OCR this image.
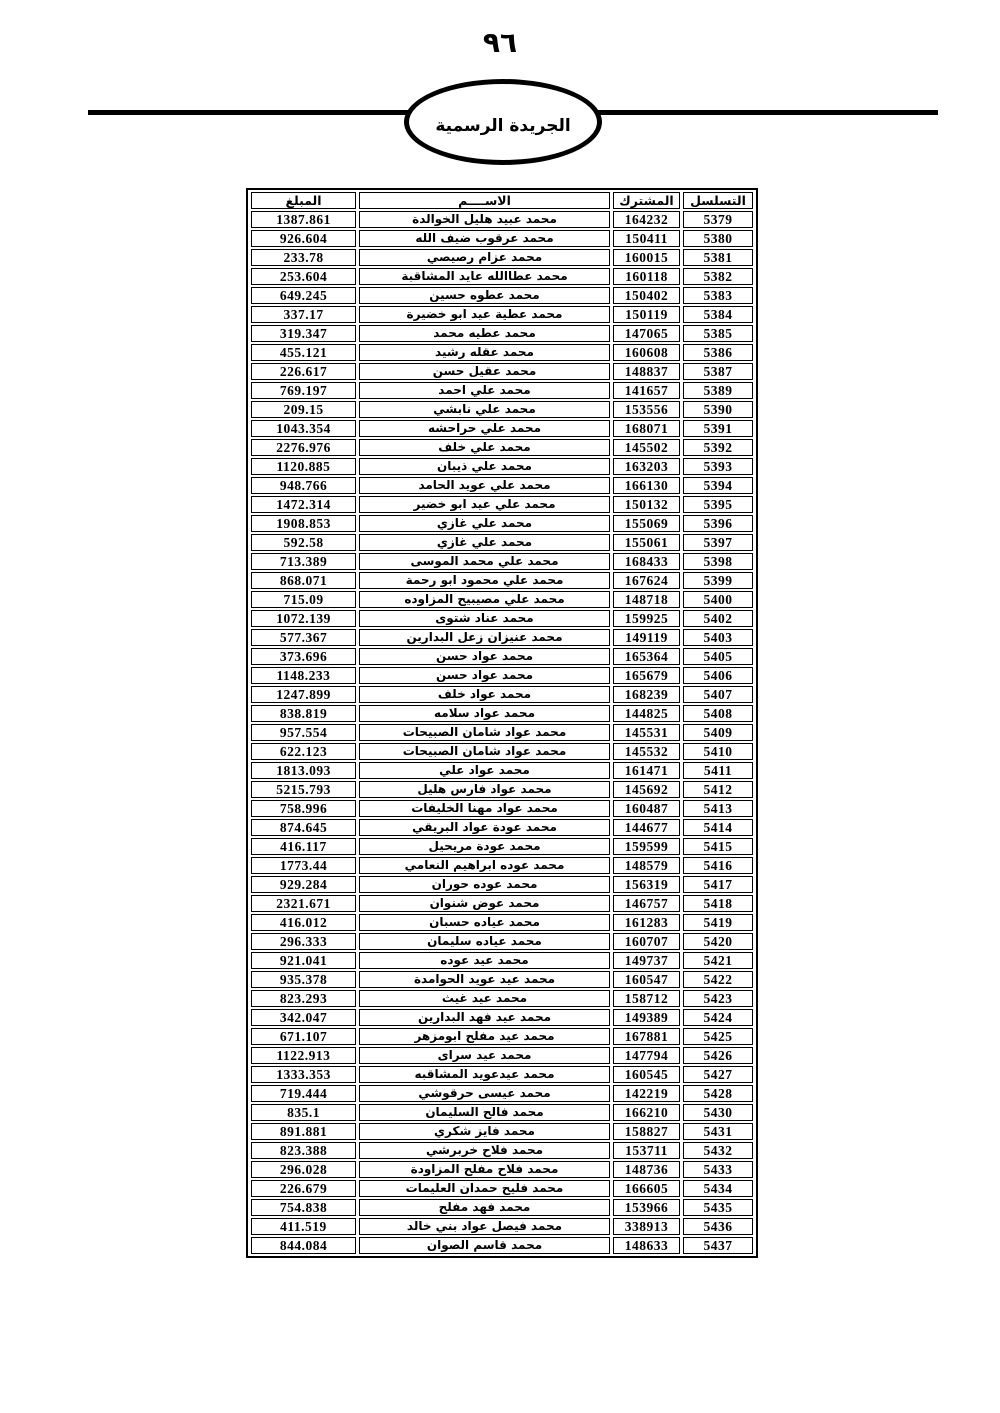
٩٦
الجريدة الرسمية
التسلسل	المشترك	الاســــم	المبلغ
5379	164232	محمد عبيد هليل الخوالدة	1387.861
5380	150411	محمد عرقوب ضيف الله	926.604
5381	160015	محمد عزام رصيصي	233.78
5382	160118	محمد عطاالله عايد المشاقبة	253.604
5383	150402	محمد عطوه حسين	649.245
5384	150119	محمد عطية عيد ابو خضيرة	337.17
5385	147065	محمد عطيه محمد	319.347
5386	160608	محمد عقله رشيد	455.121
5387	148837	محمد عقيل حسن	226.617
5389	141657	محمد علي احمد	769.197
5390	153556	محمد علي نابشي	209.15
5391	168071	محمد علي حراحشه	1043.354
5392	145502	محمد علي خلف	2276.976
5393	163203	محمد علي ذيبان	1120.885
5394	166130	محمد علي عويد الحامد	948.766
5395	150132	محمد علي عيد ابو خضير	1472.314
5396	155069	محمد علي غازي	1908.853
5397	155061	محمد علي غازي	592.58
5398	168433	محمد علي محمد الموسى	713.389
5399	167624	محمد علي محمود ابو رحمة	868.071
5400	148718	محمد علي مصيبيح المزاوده	715.09
5402	159925	محمد عناد شتوى	1072.139
5403	149119	محمد عنيزان زعل البدارين	577.367
5405	165364	محمد عواد حسن	373.696
5406	165679	محمد عواد حسن	1148.233
5407	168239	محمد عواد خلف	1247.899
5408	144825	محمد عواد سلامه	838.819
5409	145531	محمد عواد شامان الصبيحات	957.554
5410	145532	محمد عواد شامان الصبيحات	622.123
5411	161471	محمد عواد علي	1813.093
5412	145692	محمد عواد فارس هليل	5215.793
5413	160487	محمد عواد مهنا الخليفات	758.996
5414	144677	محمد عودة عواد البريقي	874.645
5415	159599	محمد عودة مريحيل	416.117
5416	148579	محمد عوده ابراهيم النعامي	1773.44
5417	156319	محمد عوده حوران	929.284
5418	146757	محمد عوض شنوان	2321.671
5419	161283	محمد عياده حسبان	416.012
5420	160707	محمد عياده سليمان	296.333
5421	149737	محمد عيد عوده	921.041
5422	160547	محمد عيد عويد الحوامدة	935.378
5423	158712	محمد عيد غيث	823.293
5424	149389	محمد عيد فهد البدارين	342.047
5425	167881	محمد عيد مفلح ابومزهر	671.107
5426	147794	محمد عيد سراى	1122.913
5427	160545	محمد عيدعويد المشاقبه	1333.353
5428	142219	محمد عيسى حرقوشي	719.444
5430	166210	محمد فالح السليمان	835.1
5431	158827	محمد فايز شكري	891.881
5432	153711	محمد فلاح خربرشي	823.388
5433	148736	محمد فلاح مفلح المزاودة	296.028
5434	166605	محمد فليح حمدان العليمات	226.679
5435	153966	محمد فهد مفلح	754.838
5436	338913	محمد فيصل عواد بني خالد	411.519
5437	148633	محمد قاسم الصوان	844.084
